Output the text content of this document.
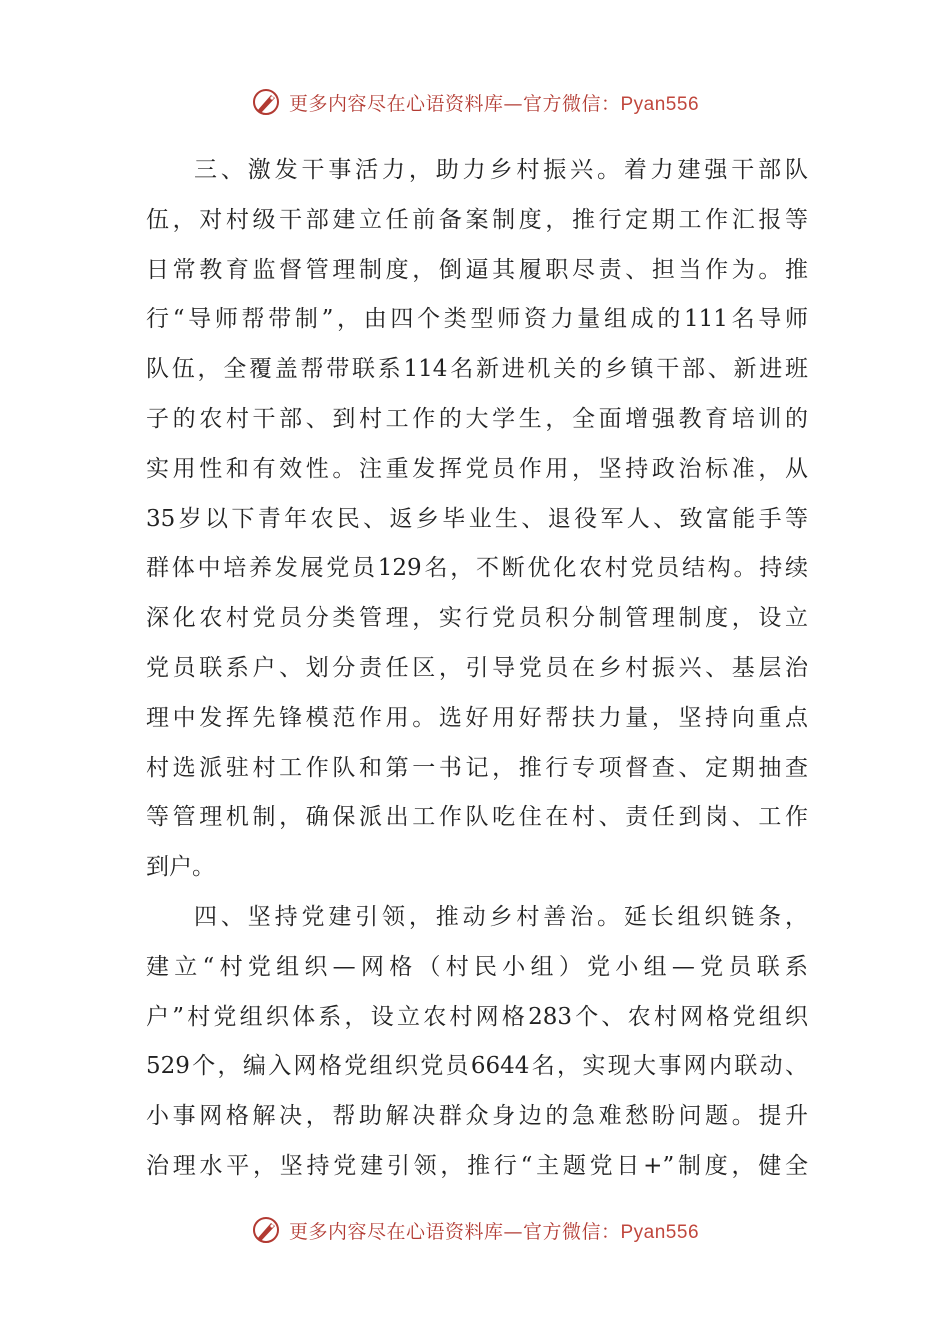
更多内容尽在心语资料库—官方微信：Pyan556
三、激发干事活力，助力乡村振兴。着力建强干部队
伍，对村级干部建立任前备案制度，推行定期工作汇报等
日常教育监督管理制度，倒逼其履职尽责、担当作为。推
行“导师帮带制”，由四个类型师资力量组成的111名导师
队伍，全覆盖帮带联系114名新进机关的乡镇干部、新进班
子的农村干部、到村工作的大学生，全面增强教育培训的
实用性和有效性。注重发挥党员作用，坚持政治标准，从
35岁以下青年农民、返乡毕业生、退役军人、致富能手等
群体中培养发展党员129名，不断优化农村党员结构。持续
深化农村党员分类管理，实行党员积分制管理制度，设立
党员联系户、划分责任区，引导党员在乡村振兴、基层治
理中发挥先锋模范作用。选好用好帮扶力量，坚持向重点
村选派驻村工作队和第一书记，推行专项督查、定期抽查
等管理机制，确保派出工作队吃住在村、责任到岗、工作
到户。
四、坚持党建引领，推动乡村善治。延长组织链条，
建立“村党组织—网格（村民小组）党小组—党员联系
户”村党组织体系，设立农村网格283个、农村网格党组织
529个，编入网格党组织党员6644名，实现大事网内联动、
小事网格解决，帮助解决群众身边的急难愁盼问题。提升
治理水平，坚持党建引领，推行“主题党日+”制度，健全
更多内容尽在心语资料库—官方微信：Pyan556
